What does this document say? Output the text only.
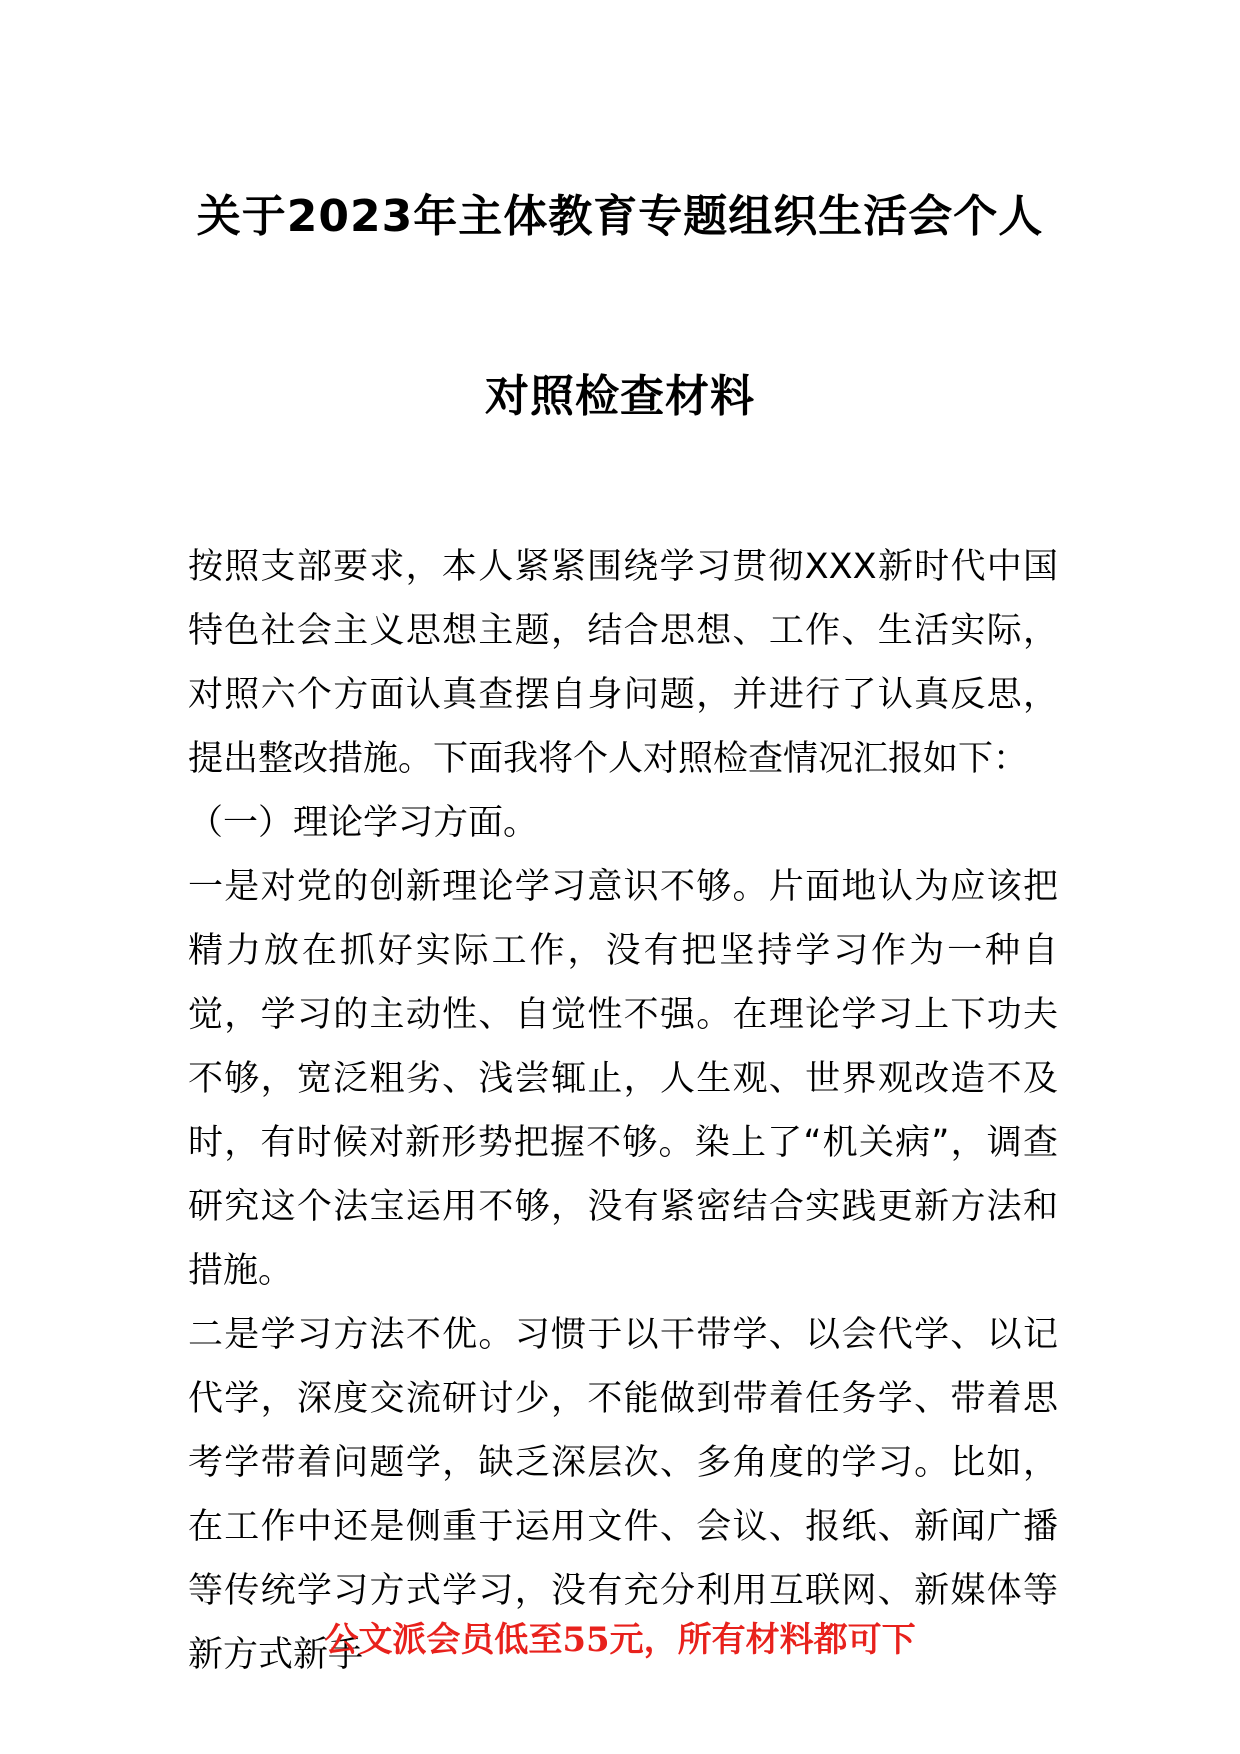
关于2023年主体教育专题组织生活会个人
对照检查材料

按照支部要求，本人紧紧围绕学习贯彻XXX新时代中国特色社会主义思想主题，结合思想、工作、生活实际，对照六个方面认真查摆自身问题，并进行了认真反思，提出整改措施。下面我将个人对照检查情况汇报如下：

（一）理论学习方面。

一是对党的创新理论学习意识不够。片面地认为应该把精力放在抓好实际工作，没有把坚持学习作为一种自觉，学习的主动性、自觉性不强。在理论学习上下功夫不够，宽泛粗劣、浅尝辄止，人生观、世界观改造不及时，有时候对新形势把握不够。染上了“机关病”，调查研究这个法宝运用不够，没有紧密结合实践更新方法和措施。

二是学习方法不优。习惯于以干带学、以会代学、以记代学，深度交流研讨少，不能做到带着任务学、带着思考学带着问题学，缺乏深层次、多角度的学习。比如，在工作中还是侧重于运用文件、会议、报纸、新闻广播等传统学习方式学习，没有充分利用互联网、新媒体等新方式新手

公文派会员低至55元，所有材料都可下
